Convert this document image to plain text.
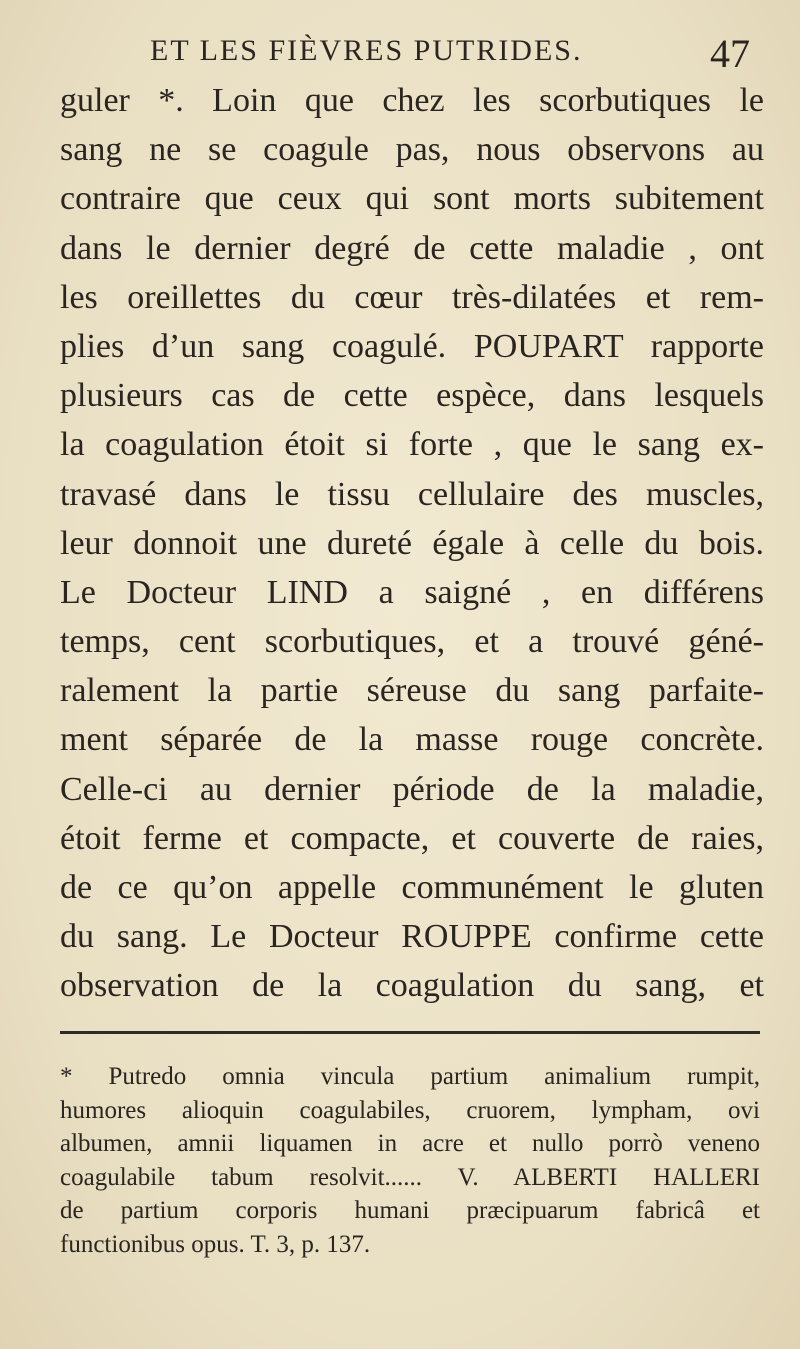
ET LES FIÈVRES PUTRIDES.	47
guler *. Loin que chez les scorbutiques le
sang ne se coagule pas, nous observons au
contraire que ceux qui sont morts subitement
dans le dernier degré de cette maladie , ont
les oreillettes du cœur très-dilatées et rem-
plies d’un sang coagulé. POUPART rapporte
plusieurs cas de cette espèce, dans lesquels
la coagulation étoit si forte , que le sang ex-
travasé dans le tissu cellulaire des muscles,
leur donnoit une dureté égale à celle du bois.
Le Docteur LIND a saigné , en différens
temps, cent scorbutiques, et a trouvé géné-
ralement la partie séreuse du sang parfaite-
ment séparée de la masse rouge concrète.
Celle-ci au dernier période de la maladie,
étoit ferme et compacte, et couverte de raies,
de ce qu’on appelle communément le gluten
du sang. Le Docteur ROUPPE confirme cette
observation de la coagulation du sang, et
* Putredo omnia vincula partium animalium rumpit,
humores alioquin coagulabiles, cruorem, lympham, ovi
albumen, amnii liquamen in acre et nullo porrò veneno
coagulabile tabum resolvit...... V. ALBERTI HALLERI
de partium corporis humani præcipuarum fabricâ et
functionibus opus. T. 3, p. 137.
